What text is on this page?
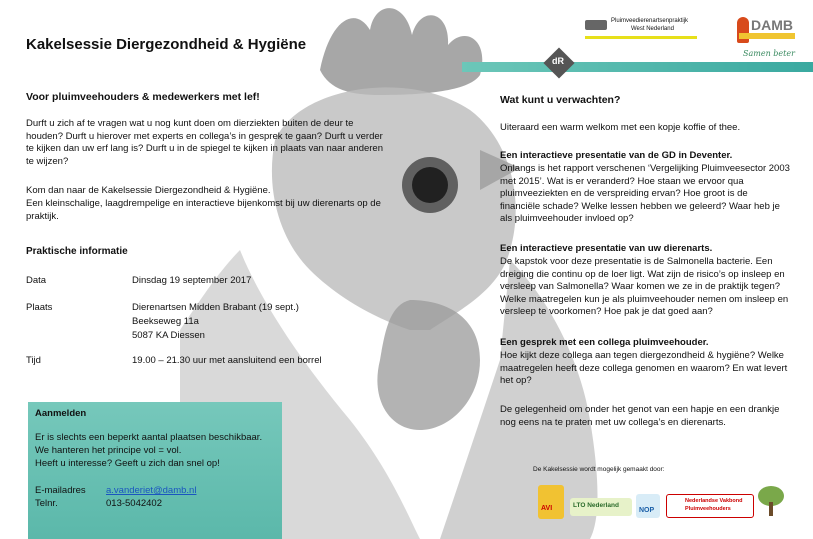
Pluimveedierenartsenpraktijk
West Nederland	DAMB
Samen beter
dR
Kakelsessie Diergezondheid & Hygiëne
Voor pluimveehouders & medewerkers met lef!
Durft u zich af te vragen wat u nog kunt doen om dierziekten buiten de deur te houden? Durft u hierover met experts en collega’s in gesprek te gaan? Durft u verder te kijken dan uw erf lang is? Durft u in de spiegel te kijken in plaats van naar anderen te wijzen?
Kom dan naar de Kakelsessie Diergezondheid & Hygiëne.
Een kleinschalige, laagdrempelige en interactieve bijenkomst bij uw dierenarts op de praktijk.
Praktische informatie
Data	Dinsdag 19 september 2017
Plaats	Dierenartsen Midden Brabant (19 sept.)
Beekseweg 11a
5087 KA Diessen
Tijd	19.00 – 21.30 uur met aansluitend een borrel
Aanmelden
Er is slechts een beperkt aantal plaatsen beschikbaar.
We hanteren het principe vol = vol.
Heeft u interesse? Geeft u zich dan snel op!
E-mailadres a.vanderiet@damb.nl
Telnr.	013-5042402
Wat kunt u verwachten?
Uiteraard een warm welkom met een kopje koffie of thee.
Een interactieve presentatie van de GD in Deventer.
Onlangs is het rapport verschenen ‘Vergelijking Pluimveesector 2003 met 2015’. Wat is er veranderd? Hoe staan we ervoor qua pluimveeziekten en de verspreiding ervan? Hoe groot is de financiële schade? Welke lessen hebben we geleerd? Waar heb je als pluimveehouder invloed op?
Een interactieve presentatie van uw dierenarts.
De kapstok voor deze presentatie is de Salmonella bacterie. Een dreiging die continu op de loer ligt. Wat zijn de risico’s op insleep en versleep van Salmonella? Waar komen we ze in de praktijk tegen? Welke maatregelen kun je als pluimveehouder nemen om insleep en versleep te voorkomen? Hoe pak je dat goed aan?
Een gesprek met een collega pluimveehouder.
Hoe kijkt deze collega aan tegen diergezondheid & hygiëne? Welke maatregelen heeft deze collega genomen en waarom? En wat levert het op?
De gelegenheid om onder het genot van een hapje en een drankje nog eens na te praten met uw collega’s en dierenarts.
De Kakelsessie wordt mogelijk gemaakt door:
AVI	LTO Nederland
NOP
Nederlandse Vakbond Pluimveehouders
